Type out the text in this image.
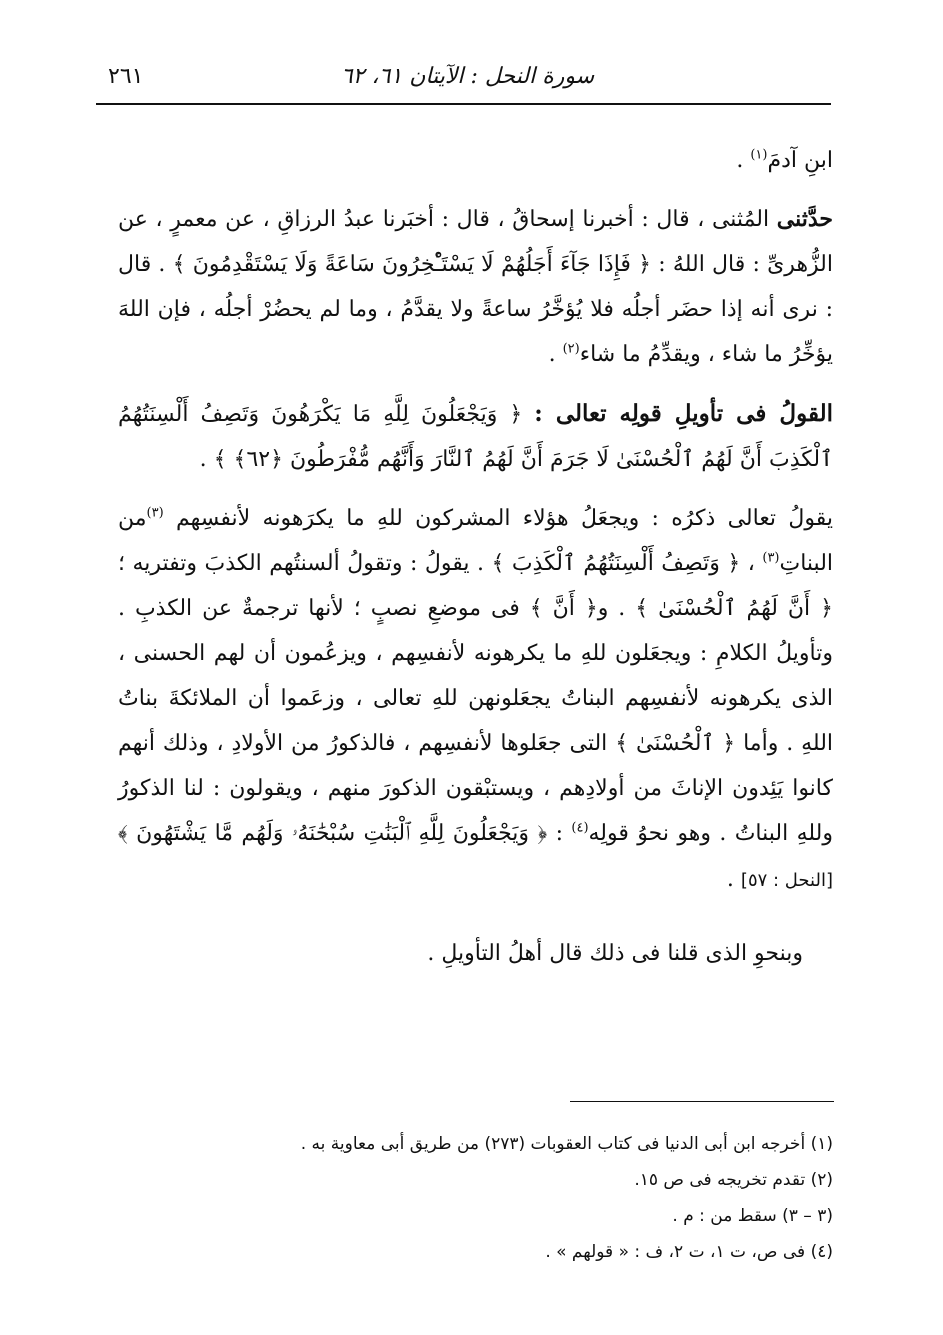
٢٦١	سورة النحل : الآيتان ٦١، ٦٢

ابنِ آدمَ$^{(١)}$ .

حدَّثنى المُثنى ، قال : أخبرنا إسحاقُ ، قال : أخبَرنا عبدُ الرزاقِ ، عن معمرٍ ، عن الزُّهرىِّ : قال اللهُ : ﴿ فَإِذَا جَآءَ أَجَلُهُمْ لَا يَسْتَـْٔخِرُونَ سَاعَةً وَلَا يَسْتَقْدِمُونَ ﴾ . قال : نرى أنه إذا حضَر أجلُه فلا يُؤخَّرُ ساعةً ولا يقدَّمُ ، وما لم يحضُرْ أجلُه ، فإن اللهَ يؤخِّرُ ما شاء ، ويقدِّمُ ما شاء$^{(٢)}$ .

القولُ فى تأويلِ قولِه تعالى : ﴿ وَيَجْعَلُونَ لِلَّهِ مَا يَكْرَهُونَ وَتَصِفُ أَلْسِنَتُهُمُ ٱلْكَذِبَ أَنَّ لَهُمُ ٱلْحُسْنَىٰ لَا جَرَمَ أَنَّ لَهُمُ ٱلنَّارَ وَأَنَّهُم مُّفْرَطُونَ ﴿٦٢﴾ ﴾ .

يقولُ تعالى ذكرُه : ويجعَلُ هؤلاء المشركون للهِ ما يكرَهونه لأنفسِهم $^{(٣)}$من البناتِ$^{(٣)}$ ، ﴿ وَتَصِفُ أَلْسِنَتُهُمُ ٱلْكَذِبَ ﴾ . يقولُ : وتقولُ ألسنتُهم الكذبَ وتفتريه ؛ ﴿ أَنَّ لَهُمُ ٱلْحُسْنَىٰ ﴾ . و﴿ أَنَّ ﴾ فى موضعِ نصبٍ ؛ لأنها ترجمةٌ عن الكذبِ . وتأويلُ الكلامِ : ويجعَلون للهِ ما يكرهونه لأنفسِهم ، ويزعُمون أن لهم الحسنى ، الذى يكرهونه لأنفسِهم البناتُ يجعَلونهن للهِ تعالى ، وزعَموا أن الملائكةَ بناتُ اللهِ . وأما ﴿ ٱلْحُسْنَىٰ ﴾ التى جعَلوها لأنفسِهم ، فالذكورُ من الأولادِ ، وذلك أنهم كانوا يَئِدون الإناثَ من أولادِهم ، ويستبْقون الذكورَ منهم ، ويقولون : لنا الذكورُ وللهِ البناتُ . وهو نحوُ قولِه$^{(٤)}$ : ﴿ وَيَجْعَلُونَ لِلَّهِ ٱلْبَنَٰتِ سُبْحَٰنَهُۥ وَلَهُم مَّا يَشْتَهُونَ ﴾ [النحل : ٥٧] .

وبنحوِ الذى قلنا فى ذلك قال أهلُ التأويلِ .

(١) أخرجه ابن أبى الدنيا فى كتاب العقوبات (٢٧٣) من طريق أبى معاوية به .
(٢) تقدم تخريجه فى ص ١٥.
(٣ – ٣) سقط من : م .
(٤) فى ص، ت ١، ت ٢، ف : « قولهم » .
